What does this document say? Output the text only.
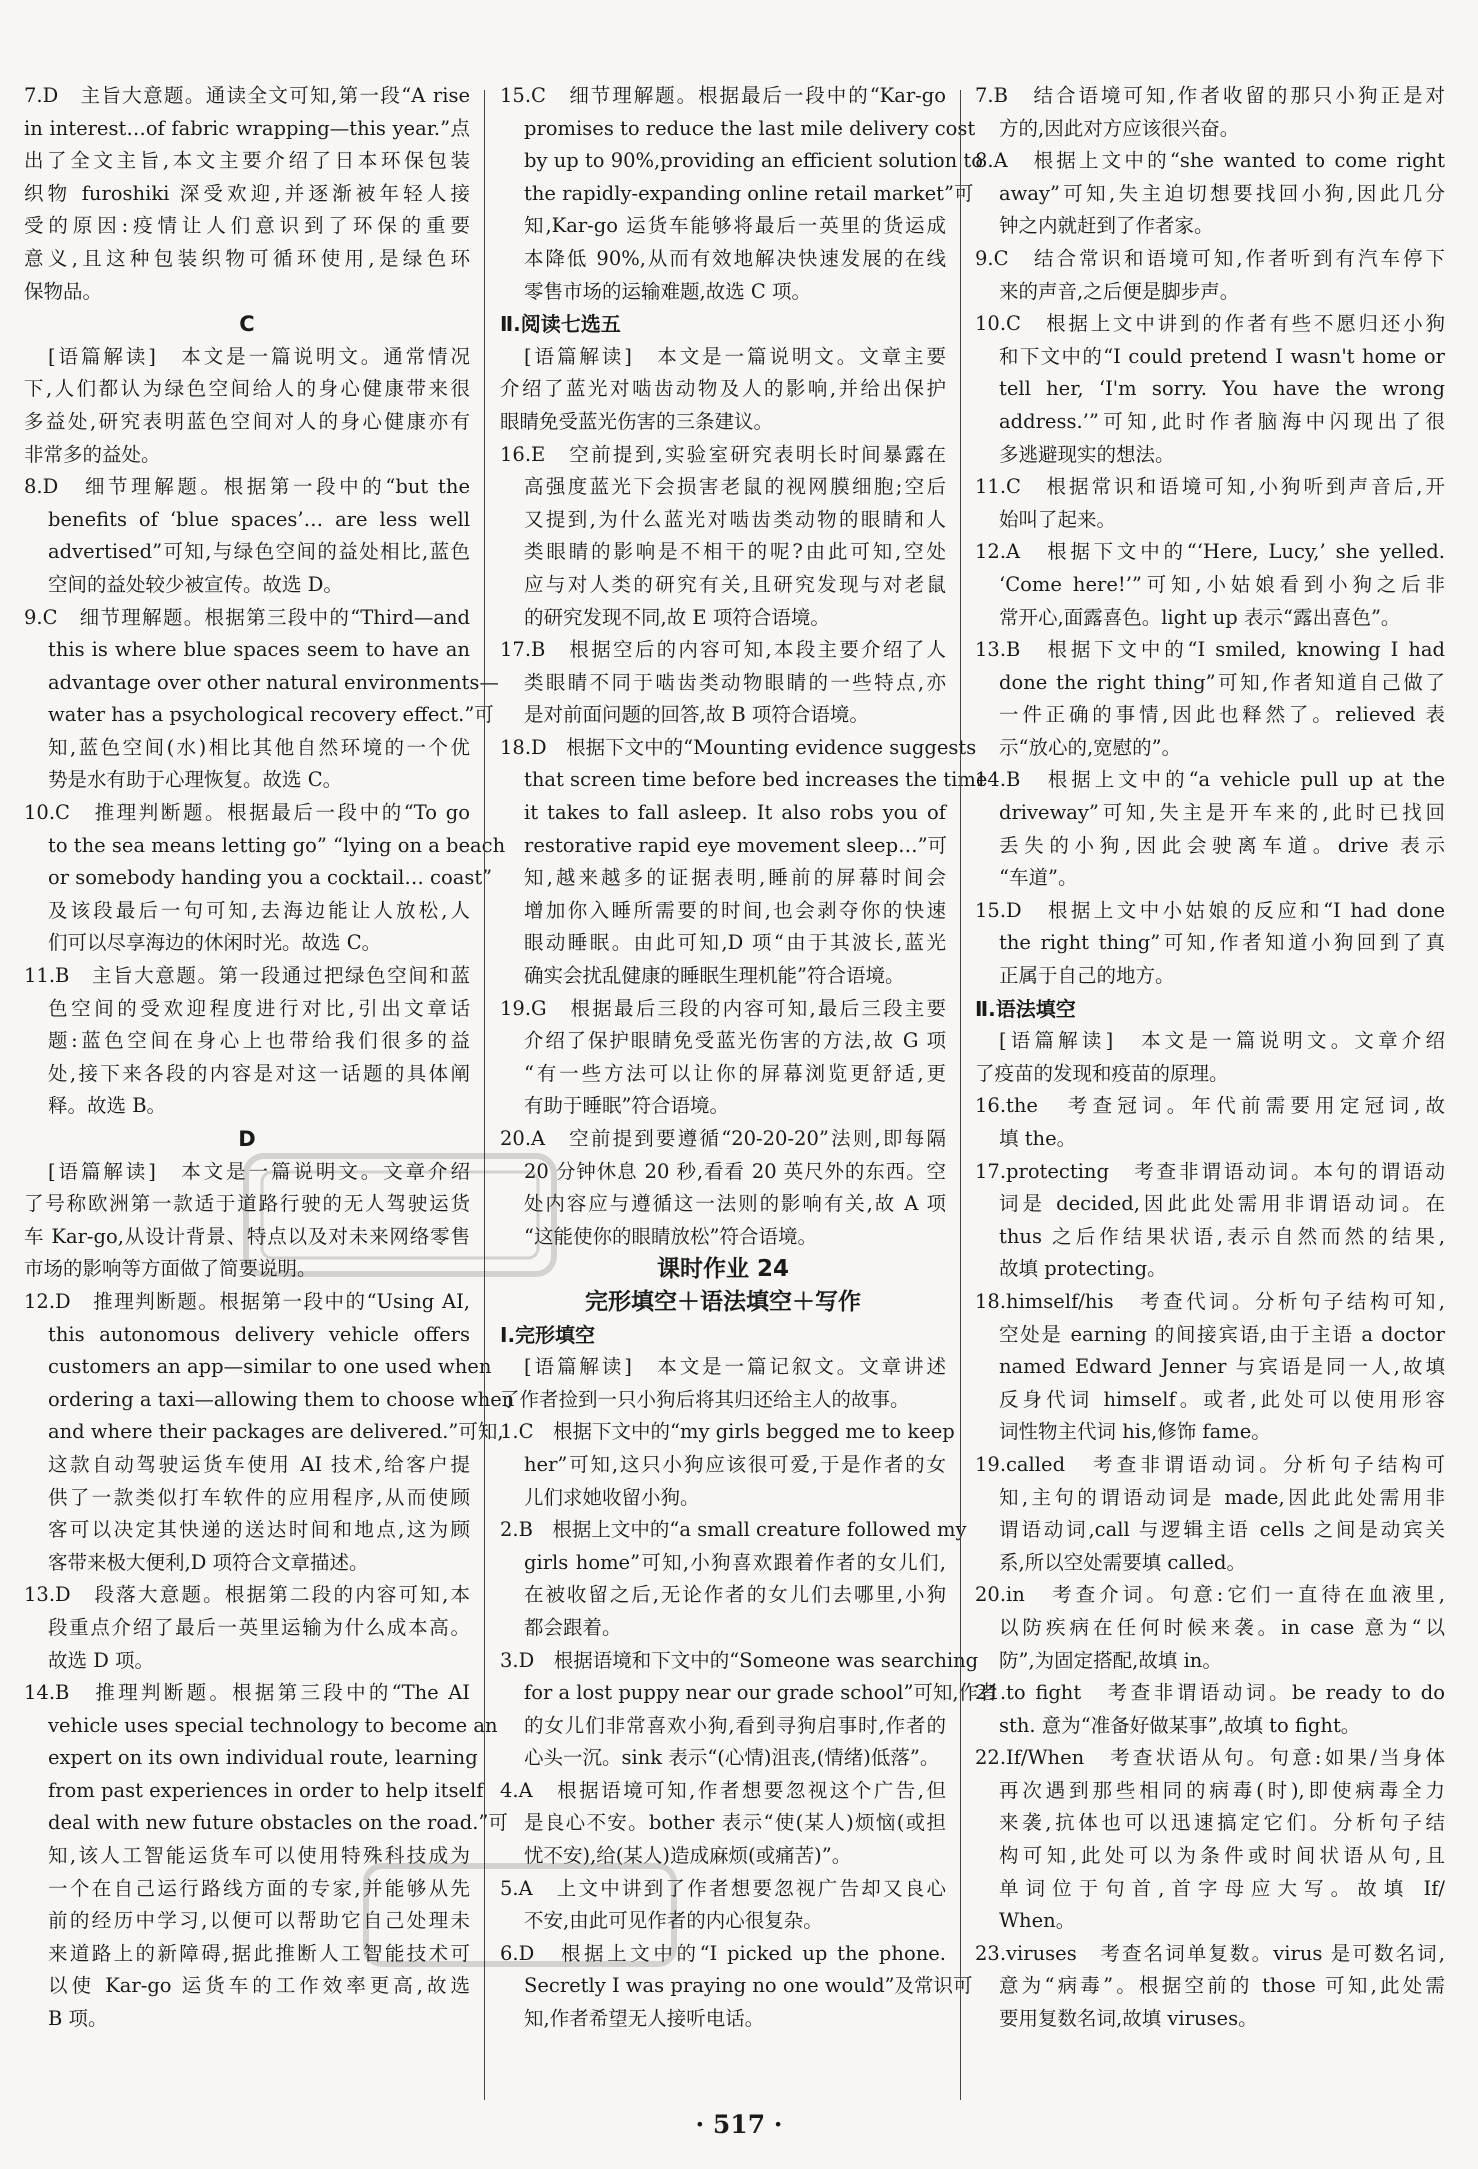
7.D　主旨大意题。通读全文可知,第一段“A rise
in interest…of fabric wrapping—this year.”点
出了全文主旨,本文主要介绍了日本环保包装
织物 furoshiki 深受欢迎,并逐渐被年轻人接
受的原因:疫情让人们意识到了环保的重要
意义,且这种包装织物可循环使用,是绿色环
保物品。
C
[语篇解读]　本文是一篇说明文。通常情况
下,人们都认为绿色空间给人的身心健康带来很
多益处,研究表明蓝色空间对人的身心健康亦有
非常多的益处。
8.D　细节理解题。根据第一段中的“but the
benefits of ‘blue spaces’… are less well
advertised”可知,与绿色空间的益处相比,蓝色
空间的益处较少被宣传。故选 D。
9.C　细节理解题。根据第三段中的“Third—and
this is where blue spaces seem to have an
advantage over other natural environments—
water has a psychological recovery effect.”可
知,蓝色空间(水)相比其他自然环境的一个优
势是水有助于心理恢复。故选 C。
10.C　推理判断题。根据最后一段中的“To go
to the sea means letting go” “lying on a beach
or somebody handing you a cocktail… coast”
及该段最后一句可知,去海边能让人放松,人
们可以尽享海边的休闲时光。故选 C。
11.B　主旨大意题。第一段通过把绿色空间和蓝
色空间的受欢迎程度进行对比,引出文章话
题:蓝色空间在身心上也带给我们很多的益
处,接下来各段的内容是对这一话题的具体阐
释。故选 B。
D
[语篇解读]　本文是一篇说明文。文章介绍
了号称欧洲第一款适于道路行驶的无人驾驶运货
车 Kar-go,从设计背景、特点以及对未来网络零售
市场的影响等方面做了简要说明。
12.D　推理判断题。根据第一段中的“Using AI,
this autonomous delivery vehicle offers
customers an app—similar to one used when
ordering a taxi—allowing them to choose when
and where their packages are delivered.”可知,
这款自动驾驶运货车使用 AI 技术,给客户提
供了一款类似打车软件的应用程序,从而使顾
客可以决定其快递的送达时间和地点,这为顾
客带来极大便利,D 项符合文章描述。
13.D　段落大意题。根据第二段的内容可知,本
段重点介绍了最后一英里运输为什么成本高。
故选 D 项。
14.B　推理判断题。根据第三段中的“The AI
vehicle uses special technology to become an
expert on its own individual route, learning
from past experiences in order to help itself
deal with new future obstacles on the road.”可
知,该人工智能运货车可以使用特殊科技成为
一个在自己运行路线方面的专家,并能够从先
前的经历中学习,以便可以帮助它自己处理未
来道路上的新障碍,据此推断人工智能技术可
以使 Kar-go 运货车的工作效率更高,故选
B 项。
15.C　细节理解题。根据最后一段中的“Kar-go
promises to reduce the last mile delivery cost
by up to 90%,providing an efficient solution to
the rapidly-expanding online retail market”可
知,Kar-go 运货车能够将最后一英里的货运成
本降低 90%,从而有效地解决快速发展的在线
零售市场的运输难题,故选 C 项。
Ⅱ.阅读七选五
[语篇解读]　本文是一篇说明文。文章主要
介绍了蓝光对啮齿动物及人的影响,并给出保护
眼睛免受蓝光伤害的三条建议。
16.E　空前提到,实验室研究表明长时间暴露在
高强度蓝光下会损害老鼠的视网膜细胞;空后
又提到,为什么蓝光对啮齿类动物的眼睛和人
类眼睛的影响是不相干的呢?由此可知,空处
应与对人类的研究有关,且研究发现与对老鼠
的研究发现不同,故 E 项符合语境。
17.B　根据空后的内容可知,本段主要介绍了人
类眼睛不同于啮齿类动物眼睛的一些特点,亦
是对前面问题的回答,故 B 项符合语境。
18.D　根据下文中的“Mounting evidence suggests
that screen time before bed increases the time
it takes to fall asleep. It also robs you of
restorative rapid eye movement sleep…”可
知,越来越多的证据表明,睡前的屏幕时间会
增加你入睡所需要的时间,也会剥夺你的快速
眼动睡眠。由此可知,D 项“由于其波长,蓝光
确实会扰乱健康的睡眠生理机能”符合语境。
19.G　根据最后三段的内容可知,最后三段主要
介绍了保护眼睛免受蓝光伤害的方法,故 G 项
“有一些方法可以让你的屏幕浏览更舒适,更
有助于睡眠”符合语境。
20.A　空前提到要遵循“20-20-20”法则,即每隔
20 分钟休息 20 秒,看看 20 英尺外的东西。空
处内容应与遵循这一法则的影响有关,故 A 项
“这能使你的眼睛放松”符合语境。
课时作业 24
完形填空＋语法填空＋写作
Ⅰ.完形填空
[语篇解读]　本文是一篇记叙文。文章讲述
了作者捡到一只小狗后将其归还给主人的故事。
1.C　根据下文中的“my girls begged me to keep
her”可知,这只小狗应该很可爱,于是作者的女
儿们求她收留小狗。
2.B　根据上文中的“a small creature followed my
girls home”可知,小狗喜欢跟着作者的女儿们,
在被收留之后,无论作者的女儿们去哪里,小狗
都会跟着。
3.D　根据语境和下文中的“Someone was searching
for a lost puppy near our grade school”可知,作者
的女儿们非常喜欢小狗,看到寻狗启事时,作者的
心头一沉。sink 表示“(心情)沮丧,(情绪)低落”。
4.A　根据语境可知,作者想要忽视这个广告,但
是良心不安。bother 表示“使(某人)烦恼(或担
忧不安),给(某人)造成麻烦(或痛苦)”。
5.A　上文中讲到了作者想要忽视广告却又良心
不安,由此可见作者的内心很复杂。
6.D　根据上文中的“I picked up the phone.
Secretly I was praying no one would”及常识可
知,作者希望无人接听电话。
7.B　结合语境可知,作者收留的那只小狗正是对
方的,因此对方应该很兴奋。
8.A　根据上文中的“she wanted to come right
away”可知,失主迫切想要找回小狗,因此几分
钟之内就赶到了作者家。
9.C　结合常识和语境可知,作者听到有汽车停下
来的声音,之后便是脚步声。
10.C　根据上文中讲到的作者有些不愿归还小狗
和下文中的“I could pretend I wasn't home or
tell her, ‘I'm sorry. You have the wrong
address.’”可知,此时作者脑海中闪现出了很
多逃避现实的想法。
11.C　根据常识和语境可知,小狗听到声音后,开
始叫了起来。
12.A　根据下文中的“‘Here, Lucy,’ she yelled.
‘Come here!’”可知,小姑娘看到小狗之后非
常开心,面露喜色。light up 表示“露出喜色”。
13.B　根据下文中的“I smiled, knowing I had
done the right thing”可知,作者知道自己做了
一件正确的事情,因此也释然了。relieved 表
示“放心的,宽慰的”。
14.B　根据上文中的“a vehicle pull up at the
driveway”可知,失主是开车来的,此时已找回
丢失的小狗,因此会驶离车道。drive 表示
“车道”。
15.D　根据上文中小姑娘的反应和“I had done
the right thing”可知,作者知道小狗回到了真
正属于自己的地方。
Ⅱ.语法填空
[语篇解读]　本文是一篇说明文。文章介绍
了疫苗的发现和疫苗的原理。
16.the　考查冠词。年代前需要用定冠词,故
填 the。
17.protecting　考查非谓语动词。本句的谓语动
词是 decided,因此此处需用非谓语动词。在
thus 之后作结果状语,表示自然而然的结果,
故填 protecting。
18.himself/his　考查代词。分析句子结构可知,
空处是 earning 的间接宾语,由于主语 a doctor
named Edward Jenner 与宾语是同一人,故填
反身代词 himself。或者,此处可以使用形容
词性物主代词 his,修饰 fame。
19.called　考查非谓语动词。分析句子结构可
知,主句的谓语动词是 made,因此此处需用非
谓语动词,call 与逻辑主语 cells 之间是动宾关
系,所以空处需要填 called。
20.in　考查介词。句意:它们一直待在血液里,
以防疾病在任何时候来袭。in case 意为“以
防”,为固定搭配,故填 in。
21.to fight　考查非谓语动词。be ready to do
sth. 意为“准备好做某事”,故填 to fight。
22.If/When　考查状语从句。句意:如果/当身体
再次遇到那些相同的病毒(时),即使病毒全力
来袭,抗体也可以迅速搞定它们。分析句子结
构可知,此处可以为条件或时间状语从句,且
单词位于句首,首字母应大写。故填 If/
When。
23.viruses　考查名词单复数。virus 是可数名词,
意为“病毒”。根据空前的 those 可知,此处需
要用复数名词,故填 viruses。
· 517 ·
